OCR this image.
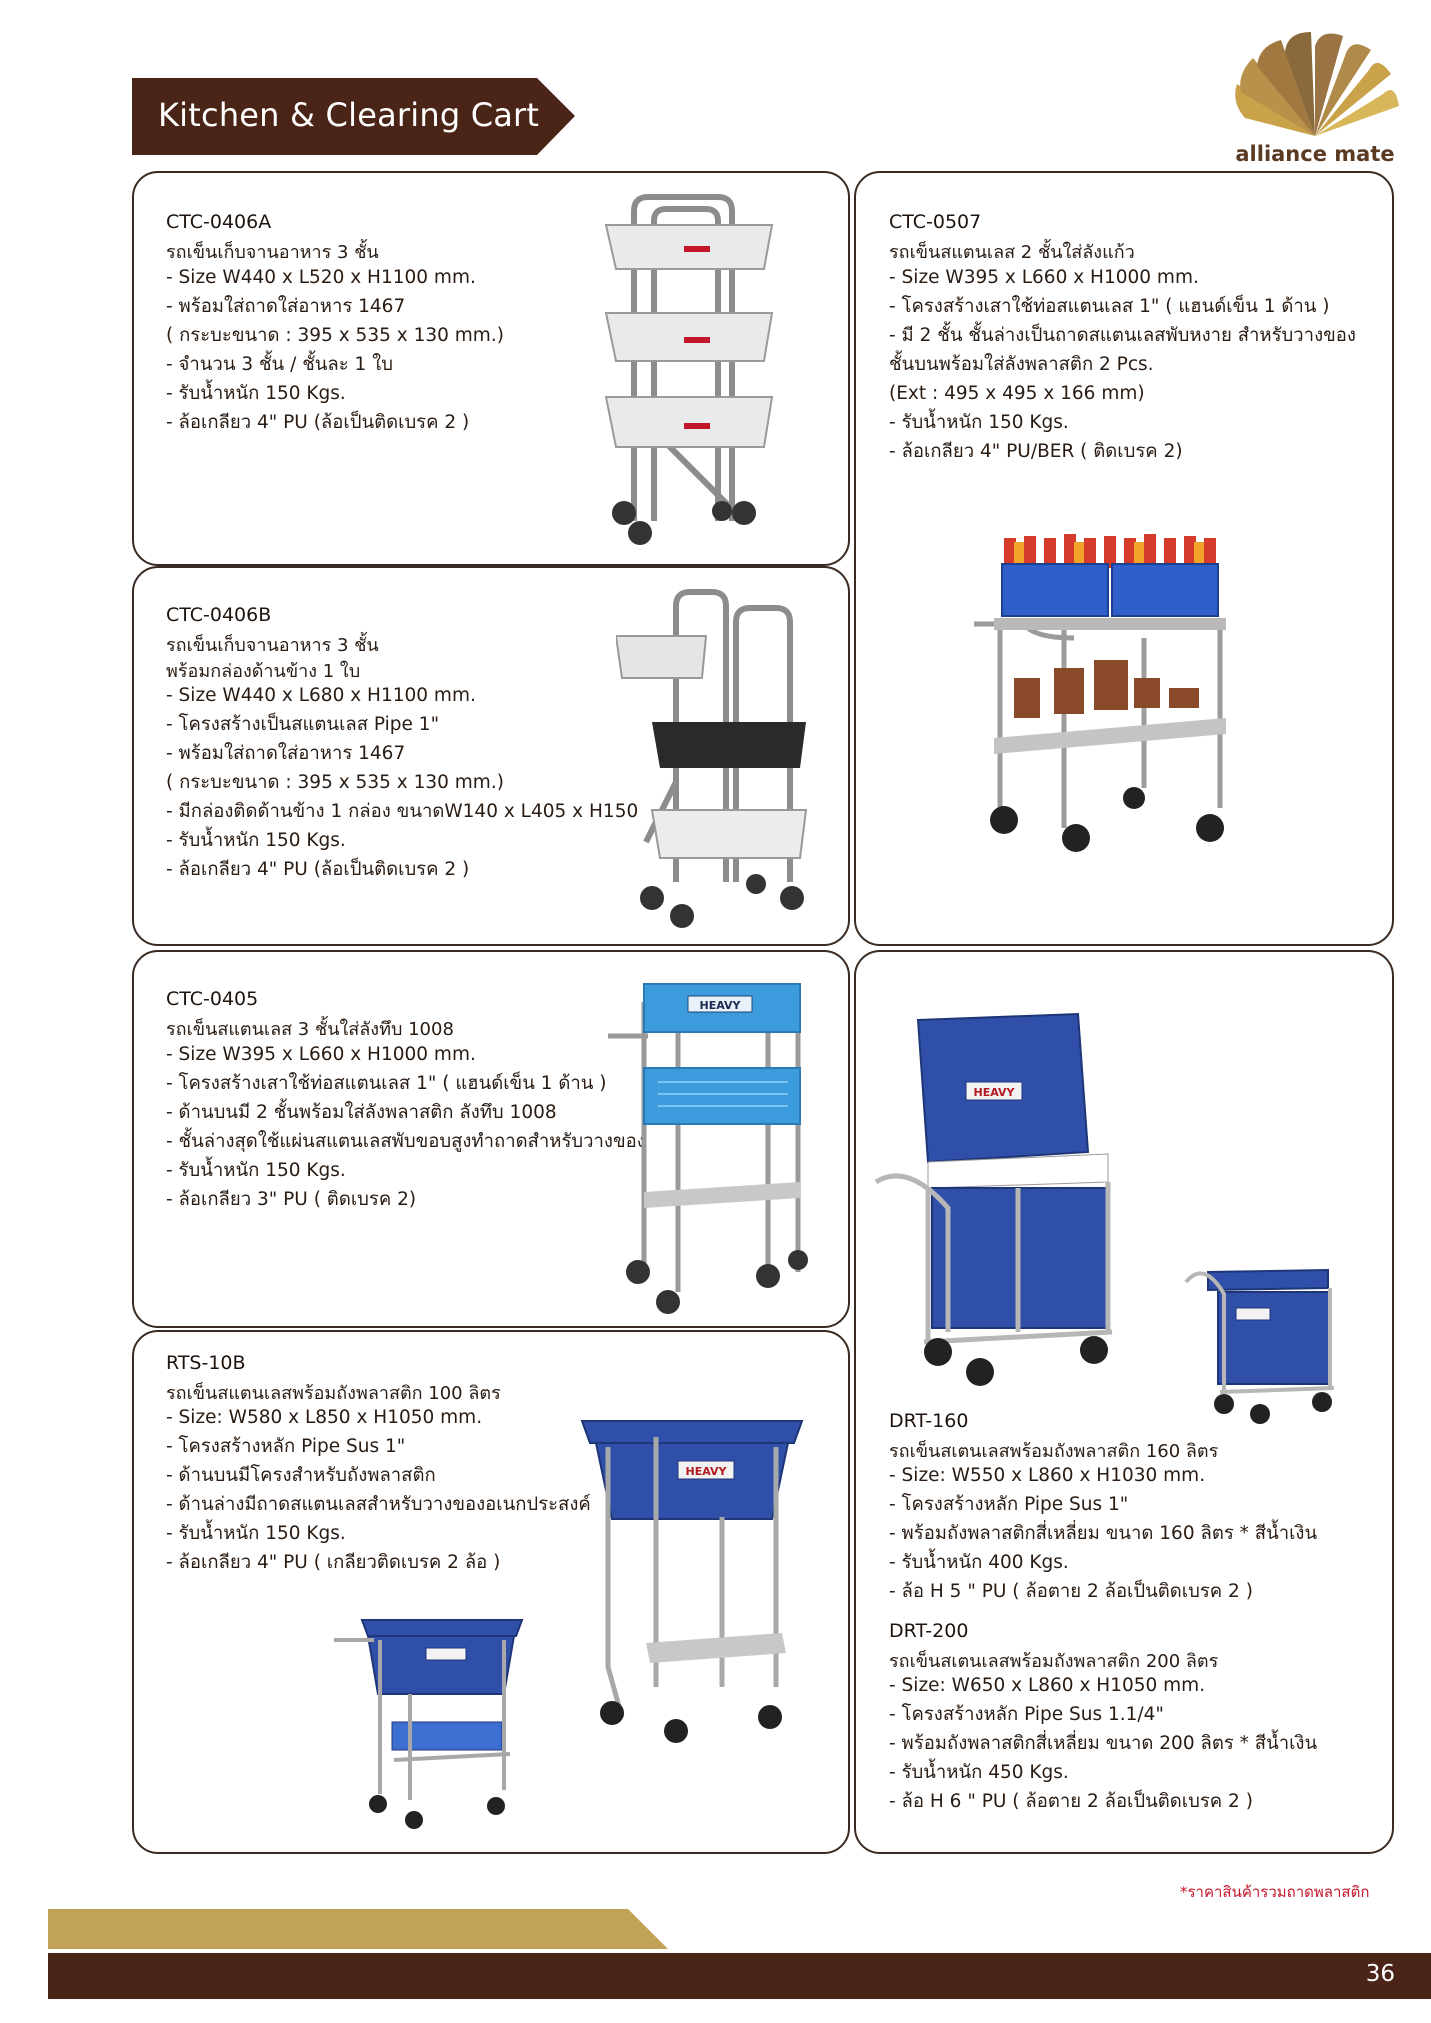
Kitchen & Clearing Cart
alliance mate
CTC-0406A
รถเข็นเก็บจานอาหาร 3 ชั้น
- Size W440 x L520 x H1100 mm.
- พร้อมใส่ถาดใส่อาหาร 1467
( กระบะขนาด : 395 x 535 x 130 mm.)
- จำนวน 3 ชั้น / ชั้นละ 1 ใบ
- รับน้ำหนัก 150 Kgs.
- ล้อเกลียว 4" PU (ล้อเป็นติดเบรค 2 )
CTC-0507
รถเข็นสแตนเลส 2 ชั้นใส่ลังแก้ว
- Size W395 x L660 x H1000 mm.
- โครงสร้างเสาใช้ท่อสแตนเลส 1" ( แฮนด์เข็น 1 ด้าน )
- มี 2 ชั้น ชั้นล่างเป็นถาดสแตนเลสพับหงาย สำหรับวางของ
ชั้นบนพร้อมใส่ลังพลาสติก 2 Pcs.
(Ext : 495 x 495 x 166 mm)
- รับน้ำหนัก 150 Kgs.
- ล้อเกลียว 4" PU/BER ( ติดเบรค 2)
CTC-0406B
รถเข็นเก็บจานอาหาร 3 ชั้น
พร้อมกล่องด้านข้าง 1 ใบ
- Size W440 x L680 x H1100 mm.
- โครงสร้างเป็นสแตนเลส Pipe 1"
- พร้อมใส่ถาดใส่อาหาร 1467
( กระบะขนาด : 395 x 535 x 130 mm.)
- มีกล่องติดด้านข้าง 1 กล่อง ขนาดW140 x L405 x H150
- รับน้ำหนัก 150 Kgs.
- ล้อเกลียว 4" PU (ล้อเป็นติดเบรค 2 )
CTC-0405
รถเข็นสแตนเลส 3 ชั้นใส่ลังทึบ 1008
- Size W395 x L660 x H1000 mm.
- โครงสร้างเสาใช้ท่อสแตนเลส 1" ( แฮนด์เข็น 1 ด้าน )
- ด้านบนมี 2 ชั้นพร้อมใส่ลังพลาสติก ลังทึบ 1008
- ชั้นล่างสุดใช้แผ่นสแตนเลสพับขอบสูงทำถาดสำหรับวางของ
- รับน้ำหนัก 150 Kgs.
- ล้อเกลียว 3" PU ( ติดเบรค 2)
HEAVY
HEAVY
DRT-160
รถเข็นสเตนเลสพร้อมถังพลาสติก 160 ลิตร
- Size: W550 x L860 x H1030 mm.
- โครงสร้างหลัก Pipe Sus 1"
- พร้อมถังพลาสติกสี่เหลี่ยม ขนาด 160 ลิตร * สีน้ำเงิน
- รับน้ำหนัก 400 Kgs.
- ล้อ H 5 " PU ( ล้อตาย 2 ล้อเป็นติดเบรค 2 )
DRT-200
รถเข็นสเตนเลสพร้อมถังพลาสติก 200 ลิตร
- Size: W650 x L860 x H1050 mm.
- โครงสร้างหลัก Pipe Sus 1.1/4"
- พร้อมถังพลาสติกสี่เหลี่ยม ขนาด 200 ลิตร * สีน้ำเงิน
- รับน้ำหนัก 450 Kgs.
- ล้อ H 6 " PU ( ล้อตาย 2 ล้อเป็นติดเบรค 2 )
RTS-10B
รถเข็นสแตนเลสพร้อมถังพลาสติก 100 ลิตร
- Size: W580 x L850 x H1050 mm.
- โครงสร้างหลัก Pipe Sus 1"
- ด้านบนมีโครงสำหรับถังพลาสติก
- ด้านล่างมีถาดสแตนเลสสำหรับวางของอเนกประสงค์
- รับน้ำหนัก 150 Kgs.
- ล้อเกลียว 4" PU ( เกลียวติดเบรค 2 ล้อ )
HEAVY
*ราคาสินค้ารวมถาดพลาสติก
36
